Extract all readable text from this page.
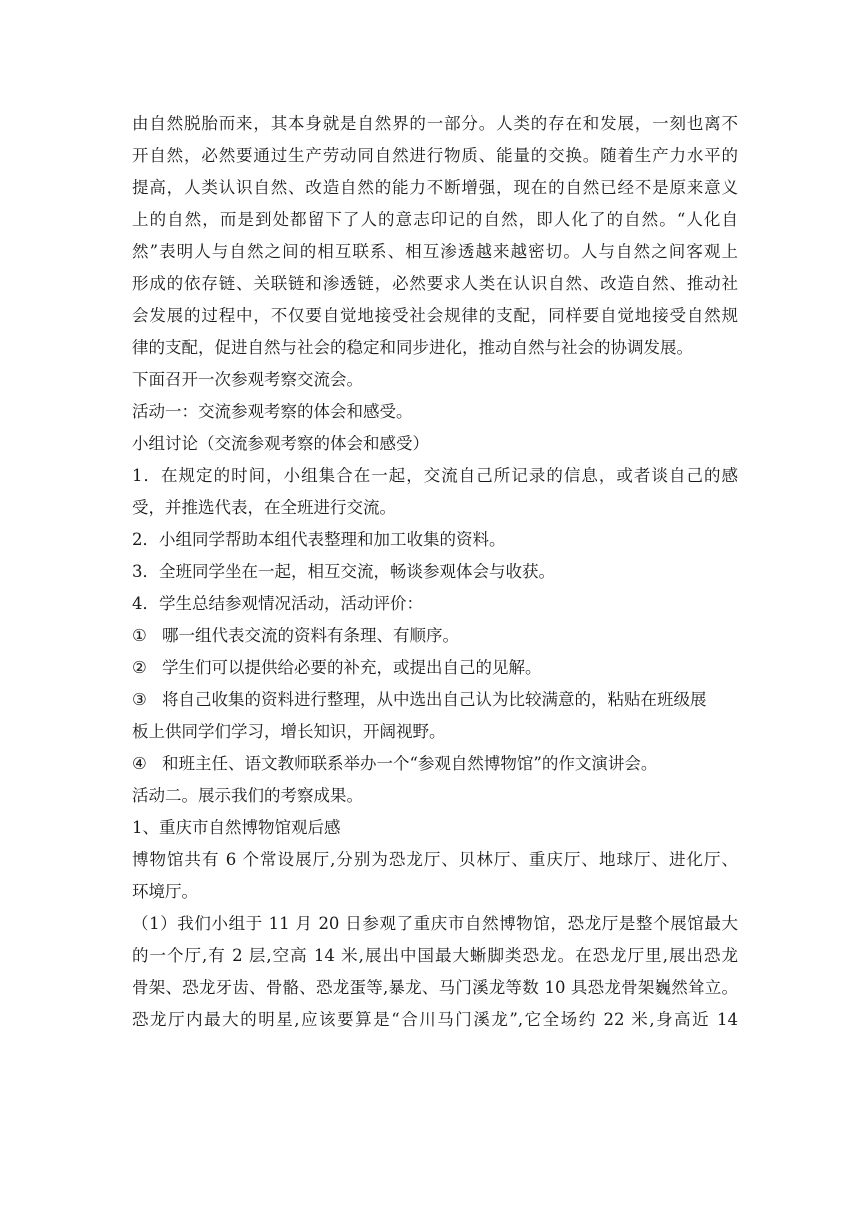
由自然脱胎而来，其本身就是自然界的一部分。人类的存在和发展，一刻也离不
开自然，必然要通过生产劳动同自然进行物质、能量的交换。随着生产力水平的
提高，人类认识自然、改造自然的能力不断增强，现在的自然已经不是原来意义
上的自然，而是到处都留下了人的意志印记的自然，即人化了的自然。“人化自
然”表明人与自然之间的相互联系、相互渗透越来越密切。人与自然之间客观上
形成的依存链、关联链和渗透链，必然要求人类在认识自然、改造自然、推动社
会发展的过程中，不仅要自觉地接受社会规律的支配，同样要自觉地接受自然规
律的支配，促进自然与社会的稳定和同步进化，推动自然与社会的协调发展。
下面召开一次参观考察交流会。
活动一：交流参观考察的体会和感受。
小组讨论（交流参观考察的体会和感受）
1．在规定的时间，小组集合在一起，交流自己所记录的信息，或者谈自己的感
受，并推选代表，在全班进行交流。
2．小组同学帮助本组代表整理和加工收集的资料。
3．全班同学坐在一起，相互交流，畅谈参观体会与收获。
4．学生总结参观情况活动，活动评价：
① 哪一组代表交流的资料有条理、有顺序。
② 学生们可以提供给必要的补充，或提出自己的见解。
③ 将自己收集的资料进行整理，从中选出自己认为比较满意的，粘贴在班级展
板上供同学们学习，增长知识，开阔视野。
④ 和班主任、语文教师联系举办一个“参观自然博物馆”的作文演讲会。
活动二。展示我们的考察成果。
1、重庆市自然博物馆观后感
博物馆共有 6 个常设展厅,分别为恐龙厅、贝林厅、重庆厅、地球厅、进化厅、
环境厅。
（1）我们小组于 11 月 20 日参观了重庆市自然博物馆，恐龙厅是整个展馆最大
的一个厅,有 2 层,空高 14 米,展出中国最大蜥脚类恐龙。在恐龙厅里,展出恐龙
骨架、恐龙牙齿、骨骼、恐龙蛋等,暴龙、马门溪龙等数 10 具恐龙骨架巍然耸立。
恐龙厅内最大的明星,应该要算是“合川马门溪龙”,它全场约 22 米,身高近 14
